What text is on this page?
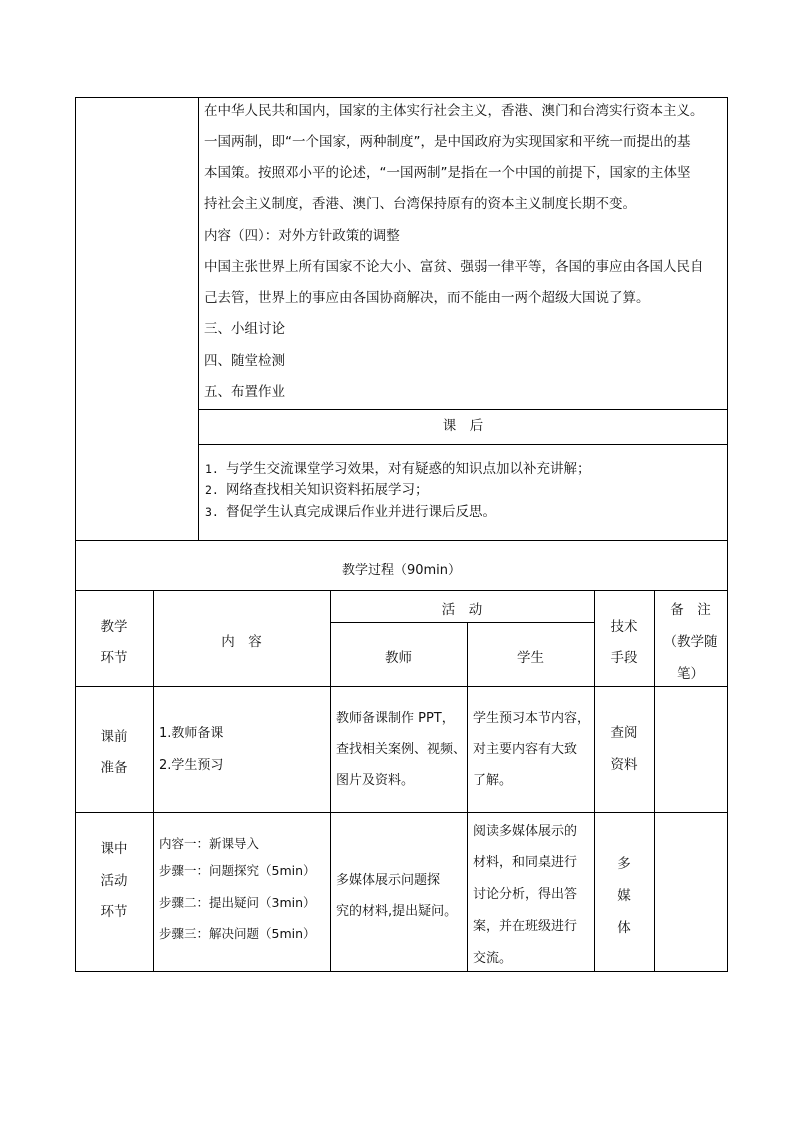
在中华人民共和国内，国家的主体实行社会主义，香港、澳门和台湾实行资本主义。
一国两制，即“一个国家，两种制度”，是中国政府为实现国家和平统一而提出的基
本国策。按照邓小平的论述，“一国两制”是指在一个中国的前提下，国家的主体坚
持社会主义制度，香港、澳门、台湾保持原有的资本主义制度长期不变。
内容（四）：对外方针政策的调整
中国主张世界上所有国家不论大小、富贫、强弱一律平等，各国的事应由各国人民自
己去管，世界上的事应由各国协商解决，而不能由一两个超级大国说了算。
三、小组讨论
四、随堂检测
五、布置作业
课　后
1. 与学生交流课堂学习效果，对有疑惑的知识点加以补充讲解；
2. 网络查找相关知识资料拓展学习；
3. 督促学生认真完成课后作业并进行课后反思。
教学过程（90min）
教学
环节
内　容
活　动
教师	学生
技术
手段
备　注
（教学随
笔）
课前
准备
1.教师备课
2.学生预习
教师备课制作 PPT，
查找相关案例、视频、
图片及资料。
学生预习本节内容，
对主要内容有大致
了解。
查阅
资料
课中
活动
环节
内容一：新课导入
步骤一：问题探究（5min）
步骤二：提出疑问（3min）
步骤三：解决问题（5min）
多媒体展示问题探
究的材料,提出疑问。
阅读多媒体展示的
材料，和同桌进行
讨论分析，得出答
案，并在班级进行
交流。
多
媒
体
